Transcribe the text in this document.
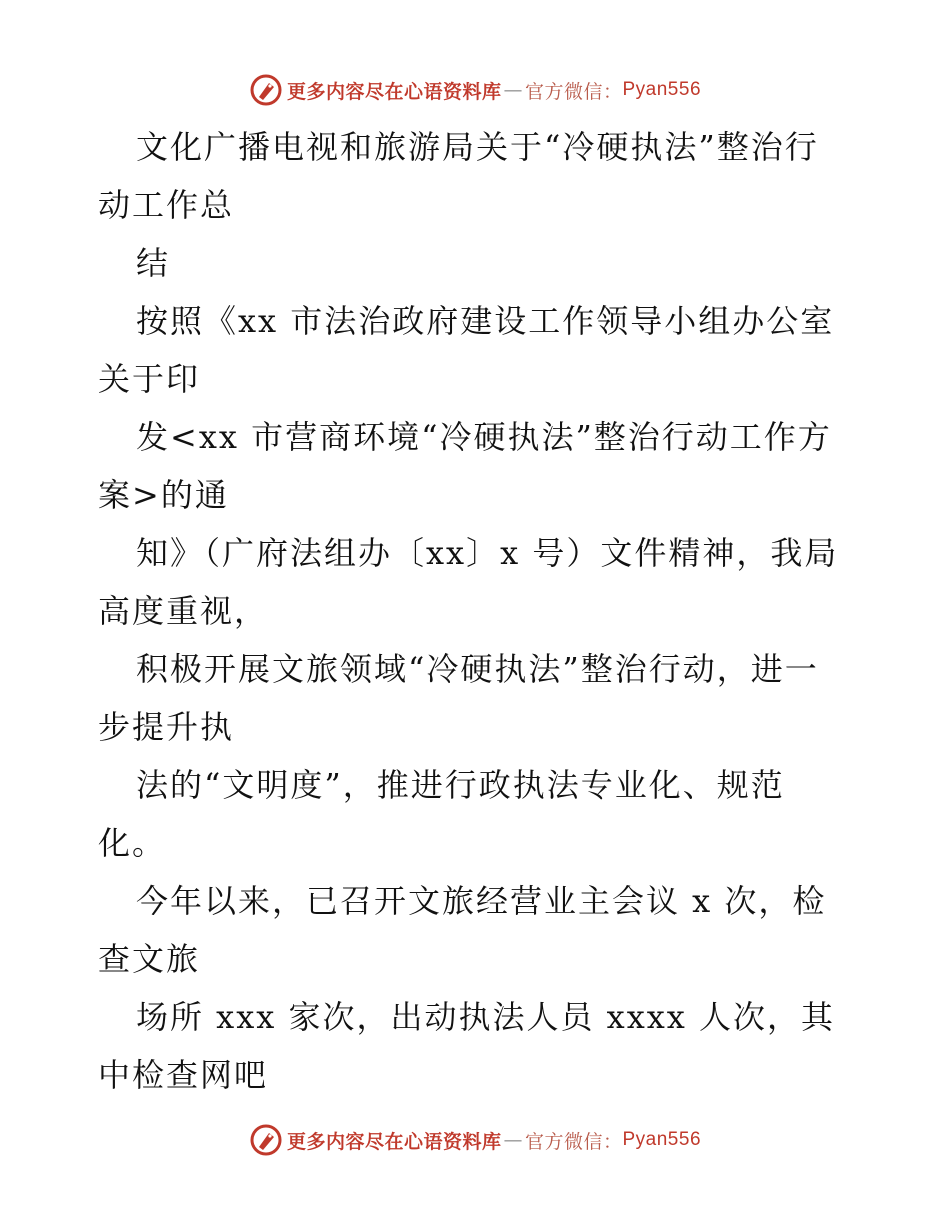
更多内容尽在心语资料库 — 官方微信： Pyan556

文化广播电视和旅游局关于“冷硬执法”整治行

动工作总

结

按照《xx 市法治政府建设工作领导小组办公室

关于印

发<xx 市营商环境“冷硬执法”整治行动工作方

案>的通

知》（广府法组办〔xx〕x 号）文件精神，我局

高度重视，

积极开展文旅领域“冷硬执法”整治行动，进一

步提升执

法的“文明度”，推进行政执法专业化、规范

化。

今年以来，已召开文旅经营业主会议 x 次，检

查文旅

场所 xxx 家次，出动执法人员 xxxx 人次，其

中检查网吧

更多内容尽在心语资料库 — 官方微信： Pyan556
